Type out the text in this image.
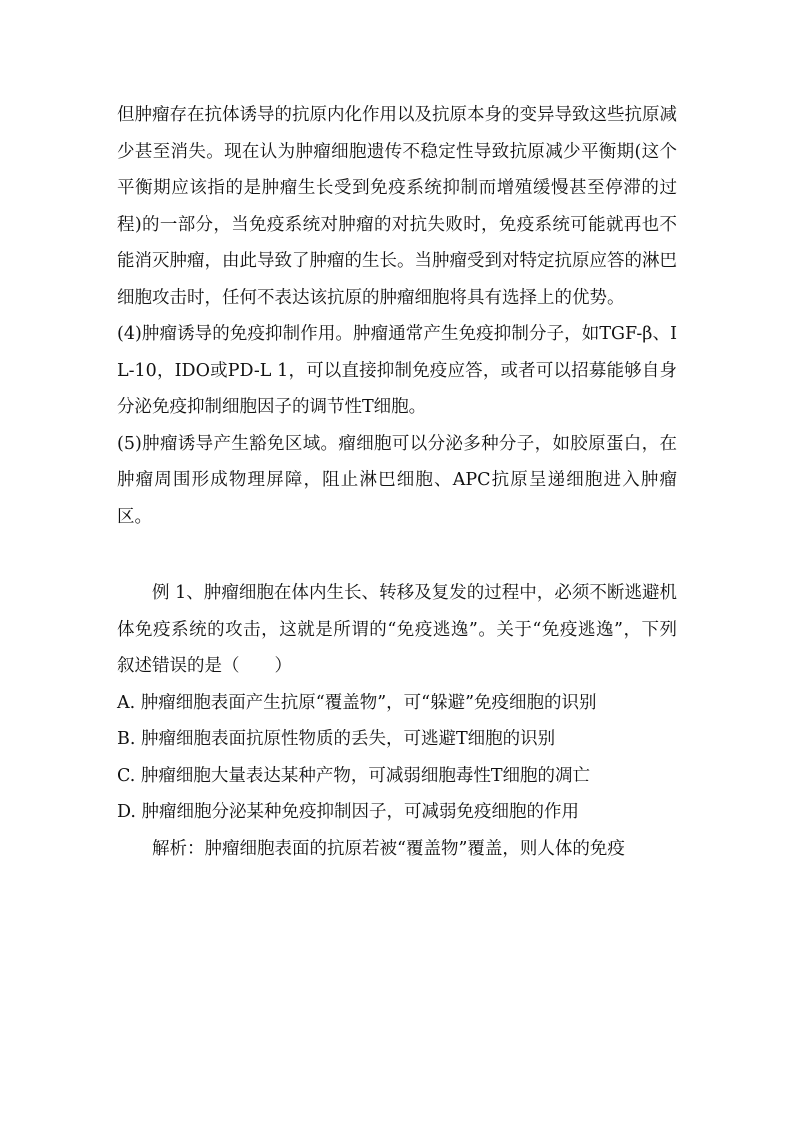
但肿瘤存在抗体诱导的抗原内化作用以及抗原本身的变异导致这些抗原减少甚至消失。现在认为肿瘤细胞遗传不稳定性导致抗原减少平衡期(这个平衡期应该指的是肿瘤生长受到免疫系统抑制而增殖缓慢甚至停滞的过程)的一部分，当免疫系统对肿瘤的对抗失败时，免疫系统可能就再也不能消灭肿瘤，由此导致了肿瘤的生长。当肿瘤受到对特定抗原应答的淋巴细胞攻击时，任何不表达该抗原的肿瘤细胞将具有选择上的优势。

(4)肿瘤诱导的免疫抑制作用。肿瘤通常产生免疫抑制分子，如TGF-β、IL-10，IDO或PD-L 1，可以直接抑制免疫应答，或者可以招募能够自身分泌免疫抑制细胞因子的调节性T细胞。

(5)肿瘤诱导产生豁免区域。瘤细胞可以分泌多种分子，如胶原蛋白，在肿瘤周围形成物理屏障，阻止淋巴细胞、APC抗原呈递细胞进入肿瘤区。

例 1、肿瘤细胞在体内生长、转移及复发的过程中，必须不断逃避机体免疫系统的攻击，这就是所谓的“免疫逃逸”。关于“免疫逃逸”，下列叙述错误的是（　　）

A. 肿瘤细胞表面产生抗原“覆盖物”，可“躲避”免疫细胞的识别

B. 肿瘤细胞表面抗原性物质的丢失，可逃避T细胞的识别

C. 肿瘤细胞大量表达某种产物，可减弱细胞毒性T细胞的凋亡

D. 肿瘤细胞分泌某种免疫抑制因子，可减弱免疫细胞的作用

解析：肿瘤细胞表面的抗原若被“覆盖物”覆盖，则人体的免疫
